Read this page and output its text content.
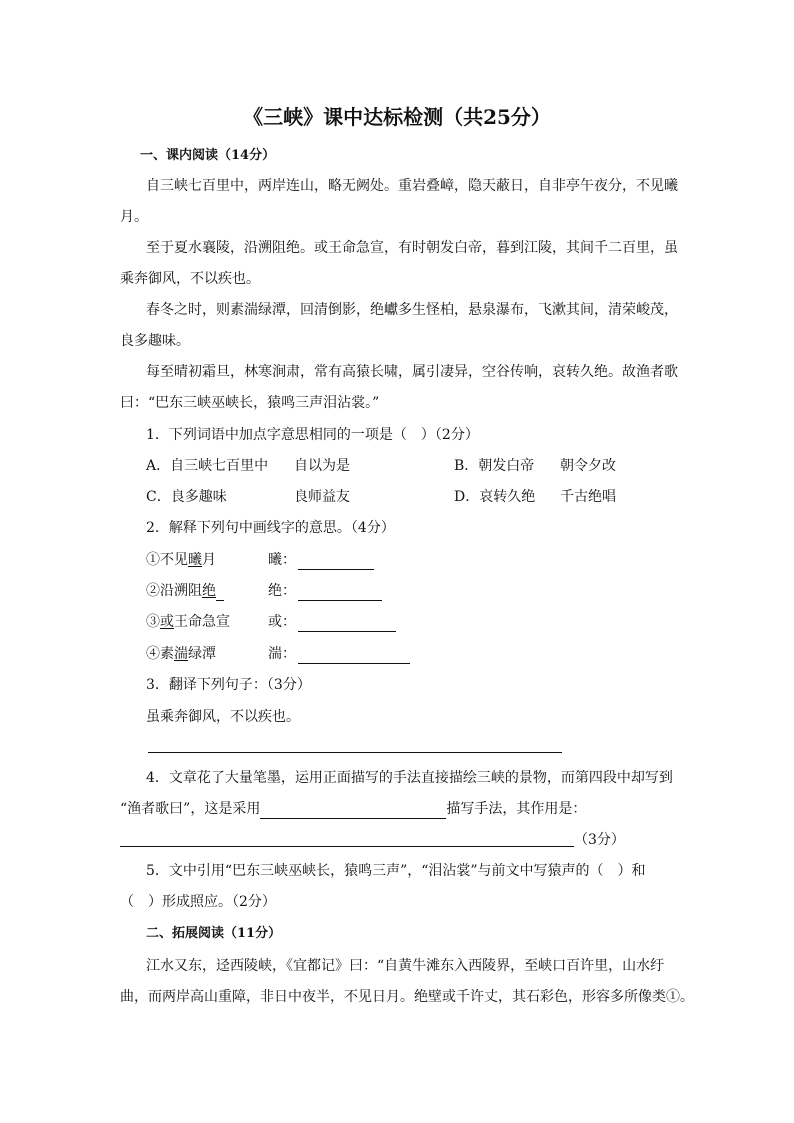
《三峡》课中达标检测（共25分）
一、课内阅读（14分）
自三峡七百里中，两岸连山，略无阙处。重岩叠嶂，隐天蔽日，自非亭午夜分，不见曦
月。
至于夏水襄陵，沿溯阻绝。或王命急宣，有时朝发白帝，暮到江陵，其间千二百里，虽
乘奔御风，不以疾也。
春冬之时，则素湍绿潭，回清倒影，绝巘多生怪柏，悬泉瀑布，飞漱其间，清荣峻茂，
良多趣味。
每至晴初霜旦，林寒涧肃，常有高猿长啸，属引凄异，空谷传响，哀转久绝。故渔者歌
曰：“巴东三峡巫峡长，猿鸣三声泪沾裳。”
1．下列词语中加点字意思相同的一项是（　）（2分）
A．自三峡七百里中 自以为是	B．朝发白帝 朝令夕改
C．良多趣味	良师益友	D．哀转久绝 千古绝唱
2．解释下列句中画线字的意思。（4分）
①不见曦月	曦：
②沿溯阻绝	绝：
③或王命急宣	或：
④素湍绿潭	湍：
3．翻译下列句子：（3分）
虽乘奔御风，不以疾也。
4．文章花了大量笔墨，运用正面描写的手法直接描绘三峡的景物，而第四段中却写到
“渔者歌曰”，这是采用	描写手法，其作用是：
（3分）
5．文中引用“巴东三峡巫峡长，猿鸣三声”，“泪沾裳”与前文中写猿声的（　）和
（　）形成照应。（2分）
二、拓展阅读（11分）
江水又东，迳西陵峡，《宜都记》曰：“自黄牛滩东入西陵界，至峡口百许里，山水纡
曲，而两岸高山重障，非日中夜半，不见日月。绝壁或千许丈，其石彩色，形容多所像类①。
